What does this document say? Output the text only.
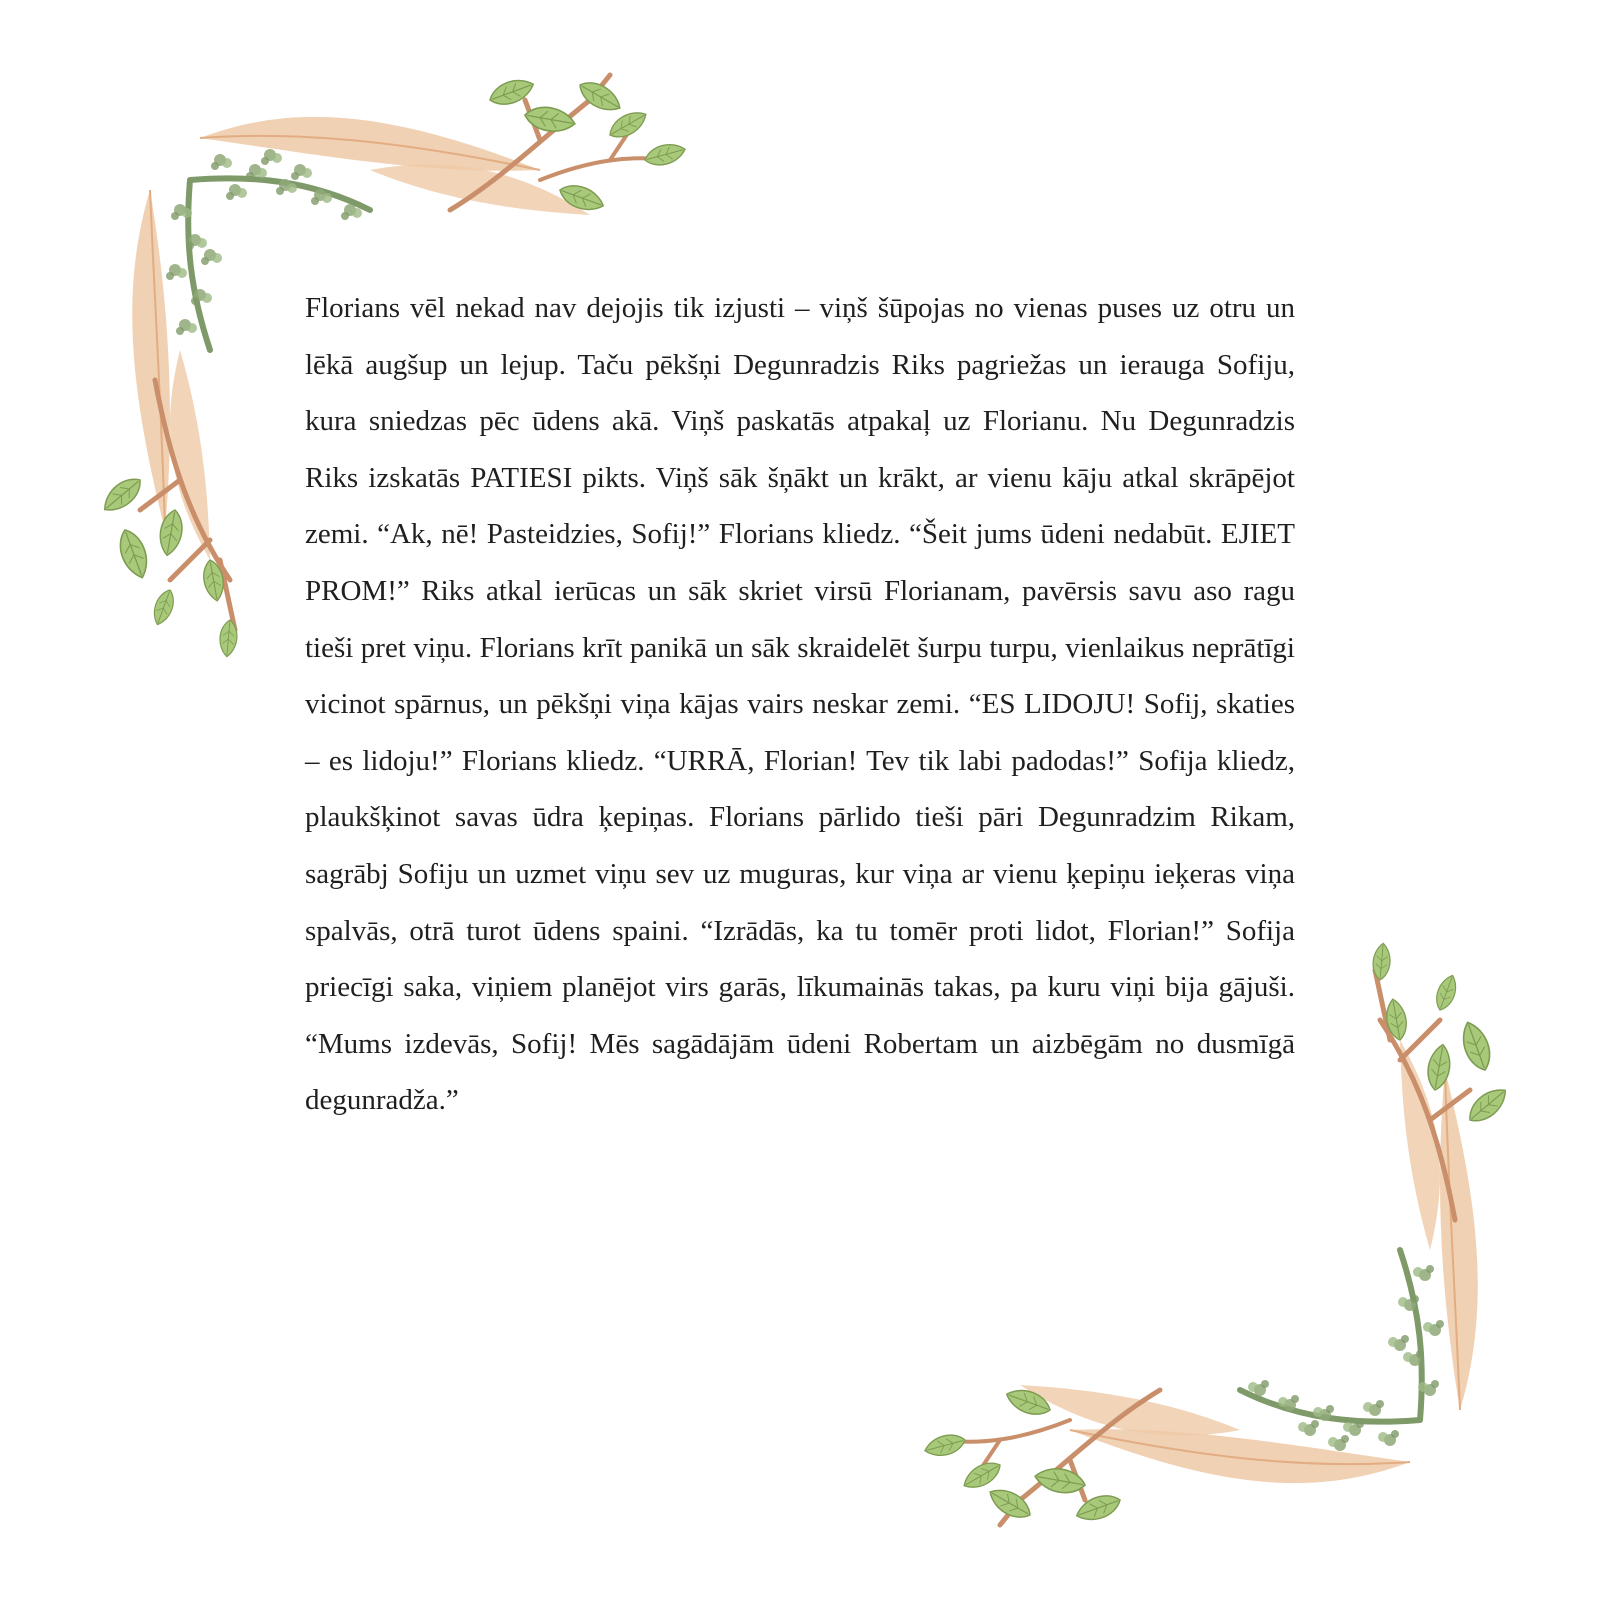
Florians vēl nekad nav dejojis tik izjusti – viņš šūpojas no vienas puses uz otru un lēkā augšup un lejup. Taču pēkšņi Degunradzis Riks pagriežas un ierauga Sofiju, kura sniedzas pēc ūdens akā. Viņš paskatās atpakaļ uz Florianu. Nu Degunradzis Riks izskatās PATIESI pikts. Viņš sāk šņākt un krākt, ar vienu kāju atkal skrāpējot zemi. “Ak, nē! Pasteidzies, Sofij!” Florians kliedz. “Šeit jums ūdeni nedabūt. EJIET PROM!” Riks atkal ierūcas un sāk skriet virsū Florianam, pavērsis savu aso ragu tieši pret viņu. Florians krīt panikā un sāk skraidelēt šurpu turpu, vienlaikus neprātīgi vicinot spārnus, un pēkšņi viņa kājas vairs neskar zemi. “ES LIDOJU! Sofij, skaties – es lidoju!” Florians kliedz. “URRĀ, Florian! Tev tik labi padodas!” Sofija kliedz, plaukšķinot savas ūdra ķepiņas. Florians pārlido tieši pāri Degunradzim Rikam, sagrābj Sofiju un uzmet viņu sev uz muguras, kur viņa ar vienu ķepiņu ieķeras viņa spalvās, otrā turot ūdens spaini. “Izrādās, ka tu tomēr proti lidot, Florian!” Sofija priecīgi saka, viņiem planējot virs garās, līkumainās takas, pa kuru viņi bija gājuši. “Mums izdevās, Sofij! Mēs sagādājām ūdeni Robertam un aizbēgām no dusmīgā degunradža.”
